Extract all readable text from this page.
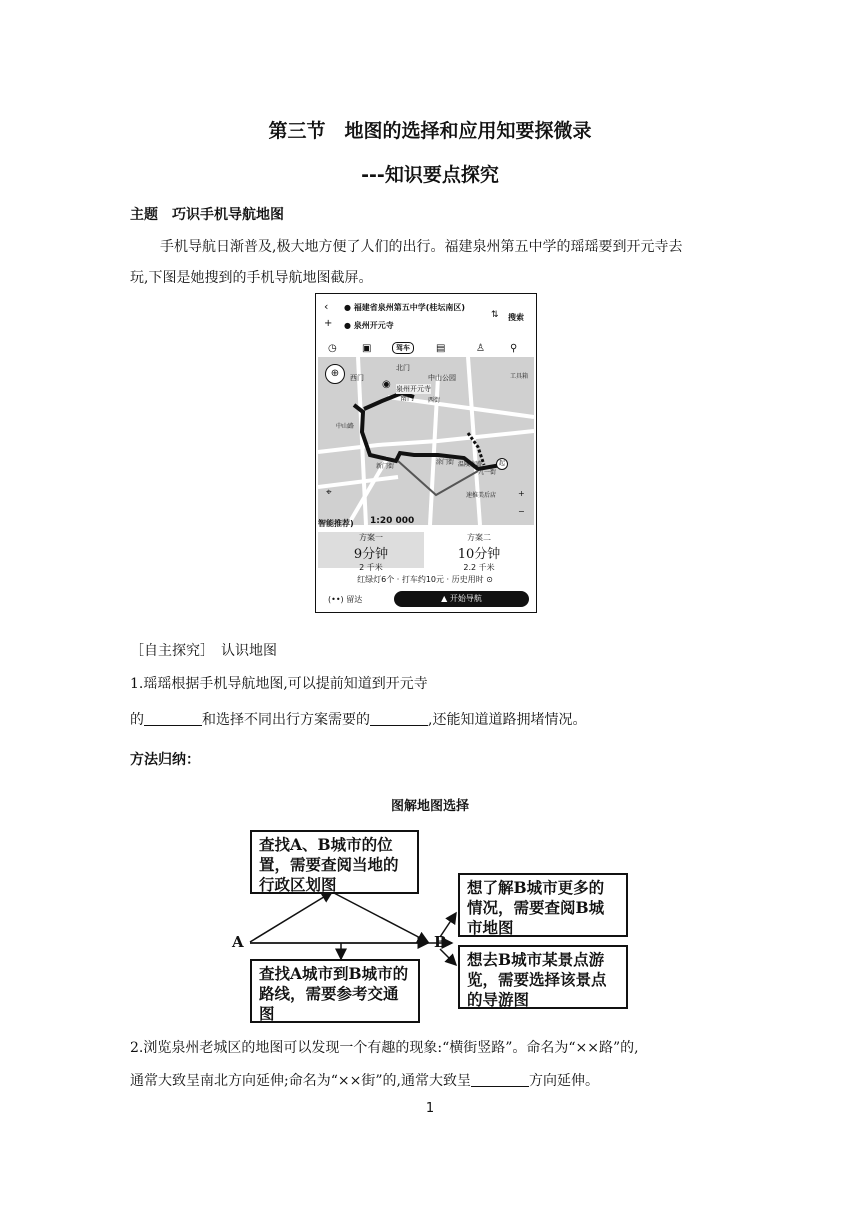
第三节　地图的选择和应用知要探微录
---知识要点探究
主题　巧识手机导航地图
手机导航日渐普及,极大地方便了人们的出行。福建泉州第五中学的瑶瑶要到开元寺去
玩,下图是她搜到的手机导航地图截屏。
‹ ● 福建省泉州第五中学(桂坛南区)
+ ● 泉州开元寺
⇅ 搜索
◷	▣	驾车	▤	♙	⚲
⊕	西门
北门
◉ 泉州开元寺
南门 西街
中山公园	工具箱
新门街
中山路
温陵南路
九一街
涂门街
速推美后店
起
+
−
⌖
智能推荐) 1:20 000
方案一
9分钟
2 千米
方案二
10分钟
2.2 千米
红绿灯6个 · 打车约10元 · 历史用时 ⊙
(••) 留达	▲ 开始导航
［自主探究］　认识地图
1.瑶瑶根据手机导航地图,可以提前知道到开元寺
的	和选择不同出行方案需要的	,还能知道道路拥堵情况。
方法归纳：
图解地图选择
A	B
查找A、B城市的位置，需要查阅当地的行政区划图
查找A城市到B城市的路线，需要参考交通图
想了解B城市更多的情况，需要查阅B城市地图
想去B城市某景点游览，需要选择该景点的导游图
2.浏览泉州老城区的地图可以发现一个有趣的现象:“横街竖路”。命名为“××路”的,
通常大致呈南北方向延伸;命名为“××街”的,通常大致呈	方向延伸。
1
